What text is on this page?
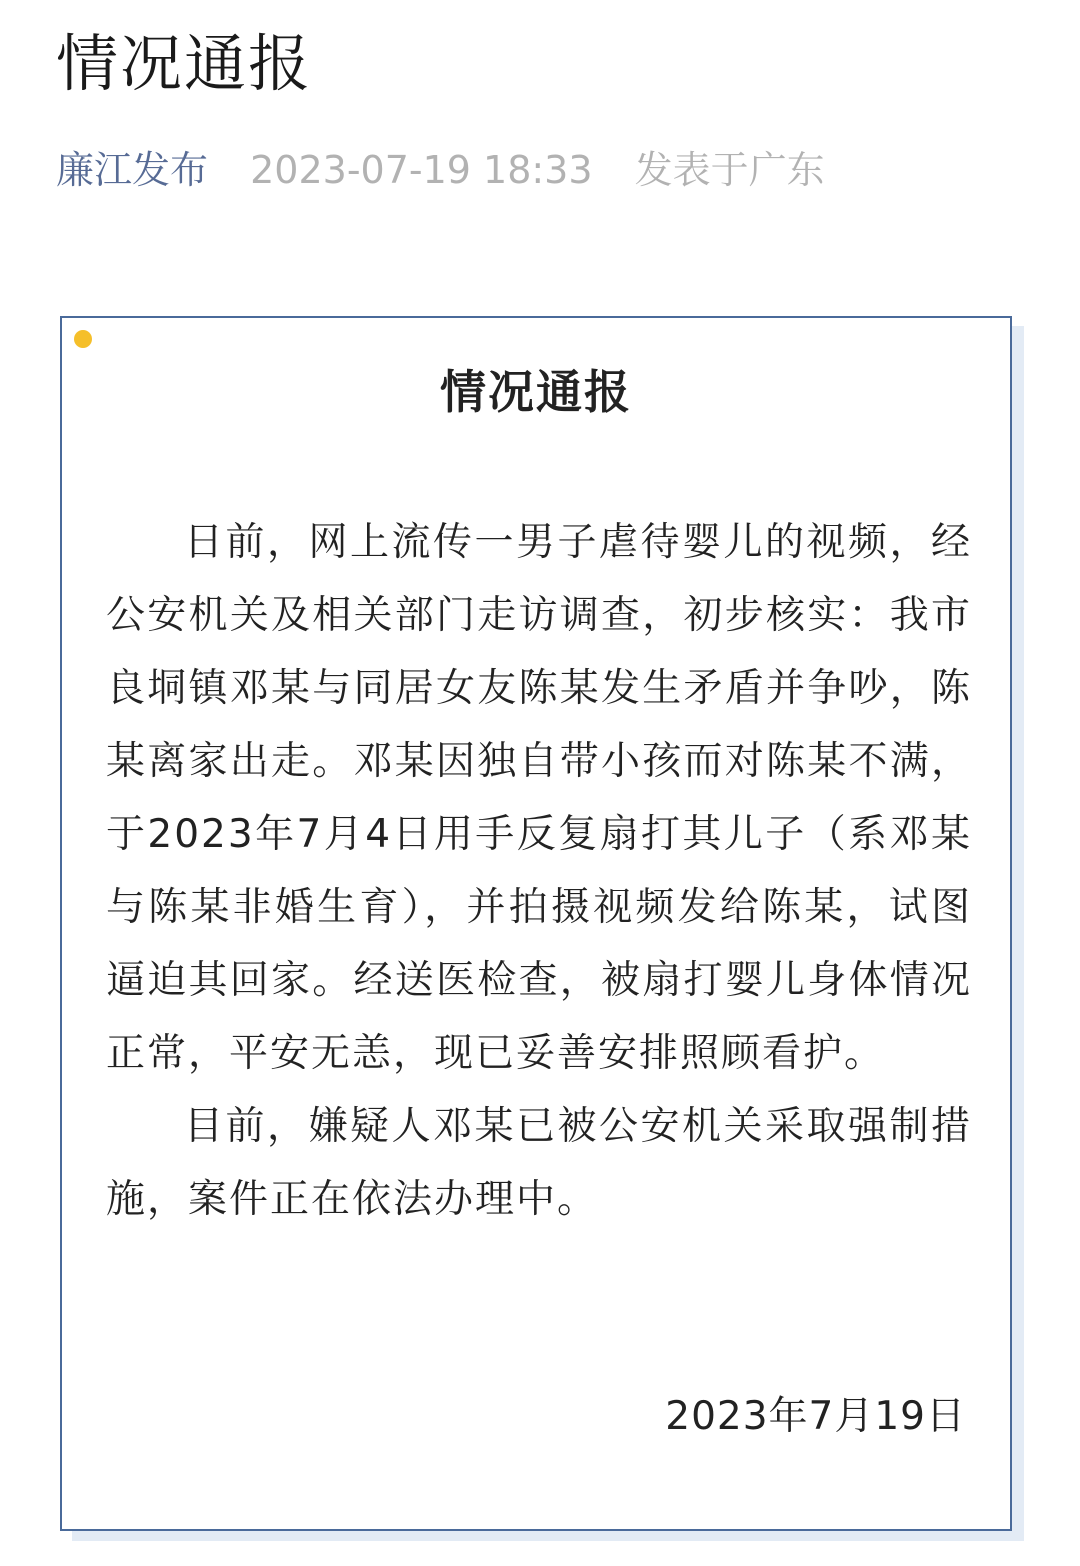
情况通报
廉江发布 2023-07-19 18:33 发表于广东
情况通报

日前，网上流传一男子虐待婴儿的视频，经公安机关及相关部门走访调查，初步核实：我市良垌镇邓某与同居女友陈某发生矛盾并争吵，陈某离家出走。邓某因独自带小孩而对陈某不满，于2023年7月4日用手反复扇打其儿子（系邓某与陈某非婚生育），并拍摄视频发给陈某，试图逼迫其回家。经送医检查，被扇打婴儿身体情况正常，平安无恙，现已妥善安排照顾看护。

目前，嫌疑人邓某已被公安机关采取强制措施，案件正在依法办理中。

2023年7月19日
